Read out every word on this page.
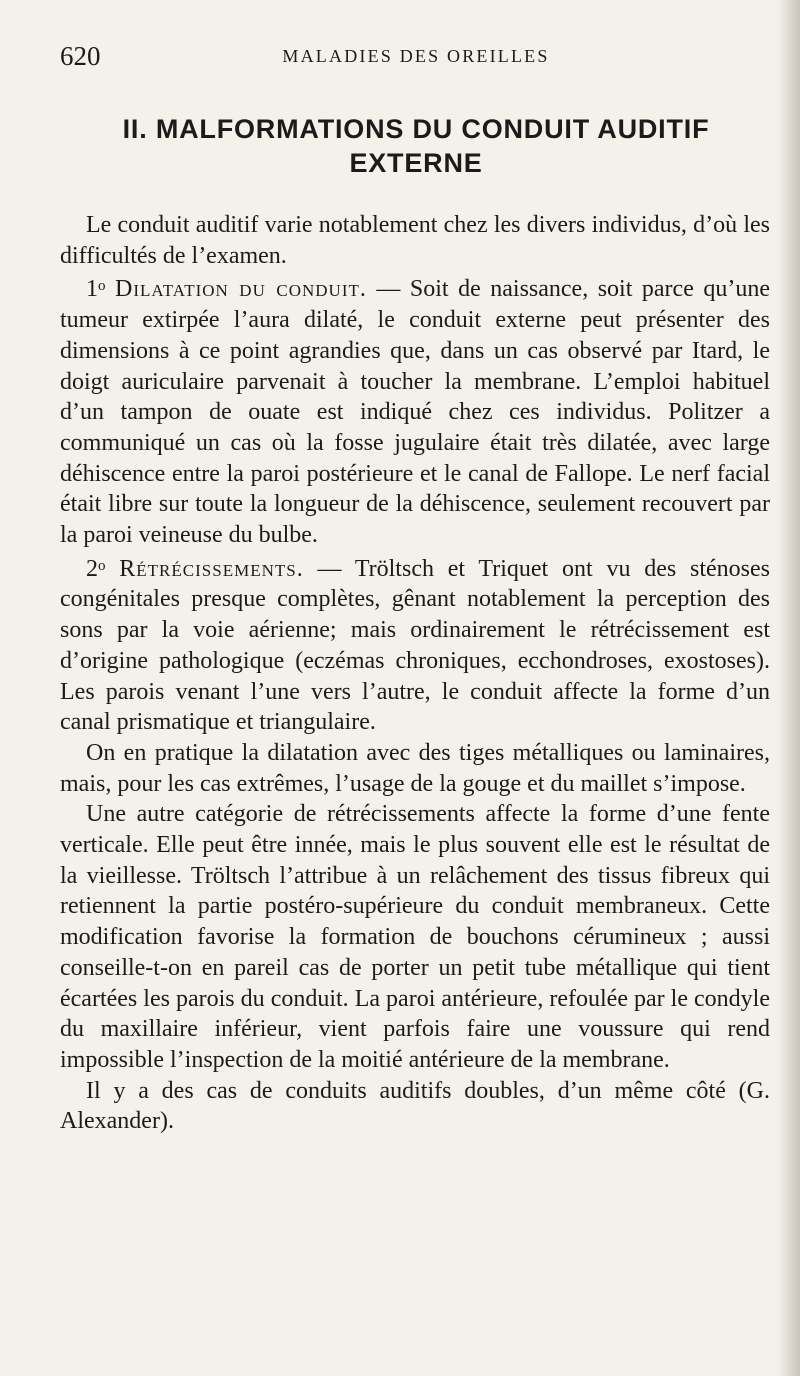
620	MALADIES DES OREILLES
II. MALFORMATIONS DU CONDUIT AUDITIF
EXTERNE

Le conduit auditif varie notablement chez les divers individus, d’où les difficultés de l’examen.

1$^o$ Dilatation du conduit. — Soit de naissance, soit parce qu’une tumeur extirpée l’aura dilaté, le conduit externe peut présenter des dimensions à ce point agrandies que, dans un cas observé par Itard, le doigt auriculaire parvenait à toucher la membrane. L’emploi habituel d’un tampon de ouate est indiqué chez ces individus. Politzer a communiqué un cas où la fosse jugulaire était très dilatée, avec large déhiscence entre la paroi postérieure et le canal de Fallope. Le nerf facial était libre sur toute la longueur de la déhiscence, seulement recouvert par la paroi veineuse du bulbe.

2$^o$ Rétrécissements. — Tröltsch et Triquet ont vu des sténoses congénitales presque complètes, gênant notablement la perception des sons par la voie aérienne; mais ordinairement le rétrécissement est d’origine pathologique (eczémas chroniques, ecchondroses, exostoses). Les parois venant l’une vers l’autre, le conduit affecte la forme d’un canal prismatique et triangulaire.

On en pratique la dilatation avec des tiges métalliques ou laminaires, mais, pour les cas extrêmes, l’usage de la gouge et du maillet s’impose.

Une autre catégorie de rétrécissements affecte la forme d’une fente verticale. Elle peut être innée, mais le plus souvent elle est le résultat de la vieillesse. Tröltsch l’attribue à un relâchement des tissus fibreux qui retiennent la partie postéro-supérieure du conduit membraneux. Cette modification favorise la formation de bouchons cérumineux ; aussi conseille-t-on en pareil cas de porter un petit tube métallique qui tient écartées les parois du conduit. La paroi antérieure, refoulée par le condyle du maxillaire inférieur, vient parfois faire une voussure qui rend impossible l’inspection de la moitié antérieure de la membrane.

Il y a des cas de conduits auditifs doubles, d’un même côté (G. Alexander).
